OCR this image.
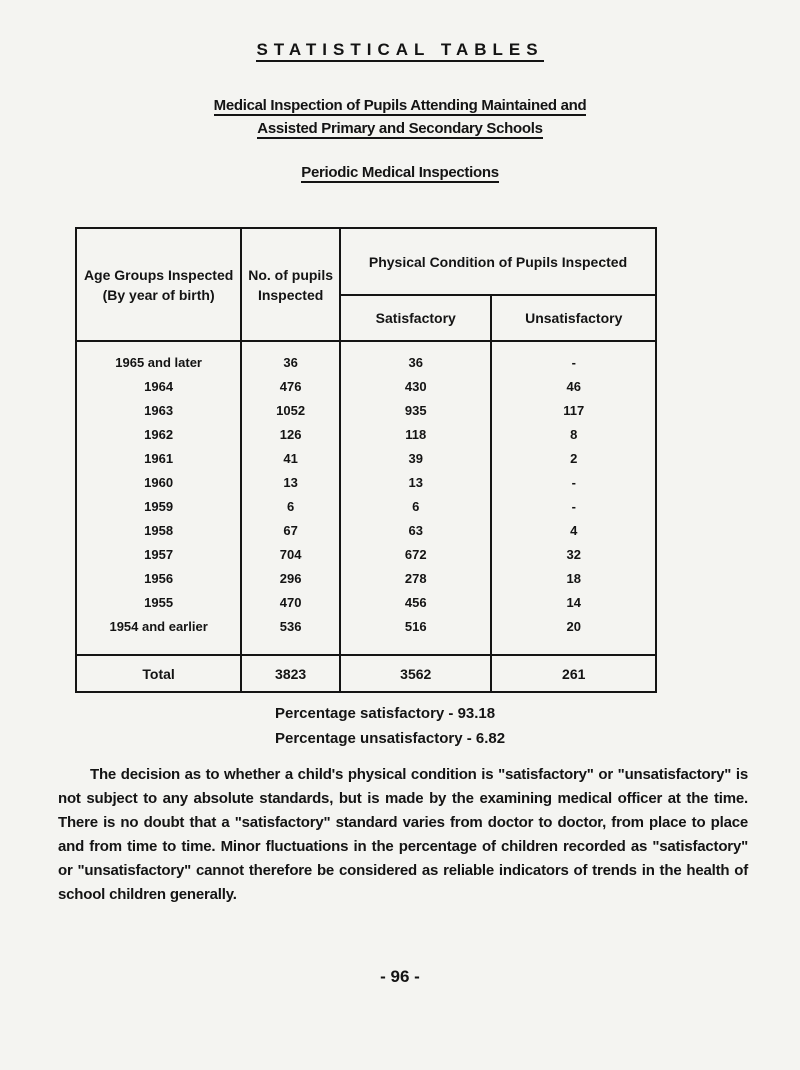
STATISTICAL TABLES
Medical Inspection of Pupils Attending Maintained and
Assisted Primary and Secondary Schools
Periodic Medical Inspections
Age Groups Inspected (By year of birth)	No. of pupils Inspected	Physical Condition of Pupils Inspected	
		Satisfactory	Unsatisfactory

1965 and later	36	36	-
1964	476	430	46
1963	1052	935	117
1962	126	118	8
1961	41	39	2
1960	13	13	-
1959	6	6	-
1958	67	63	4
1957	704	672	32
1956	296	278	18
1955	470	456	14
1954 and earlier	536	516	20

Total	3823	3562	261
Percentage satisfactory - 93.18
Percentage unsatisfactory - 6.82

The decision as to whether a child's physical condition is "satisfactory" or "unsatisfactory" is not subject to any absolute standards, but is made by the examining medical officer at the time. There is no doubt that a "satisfactory" standard varies from doctor to doctor, from place to place and from time to time. Minor fluctuations in the percentage of children recorded as "satisfactory" or "unsatisfactory" cannot therefore be considered as reliable indicators of trends in the health of school children generally.

- 96 -
